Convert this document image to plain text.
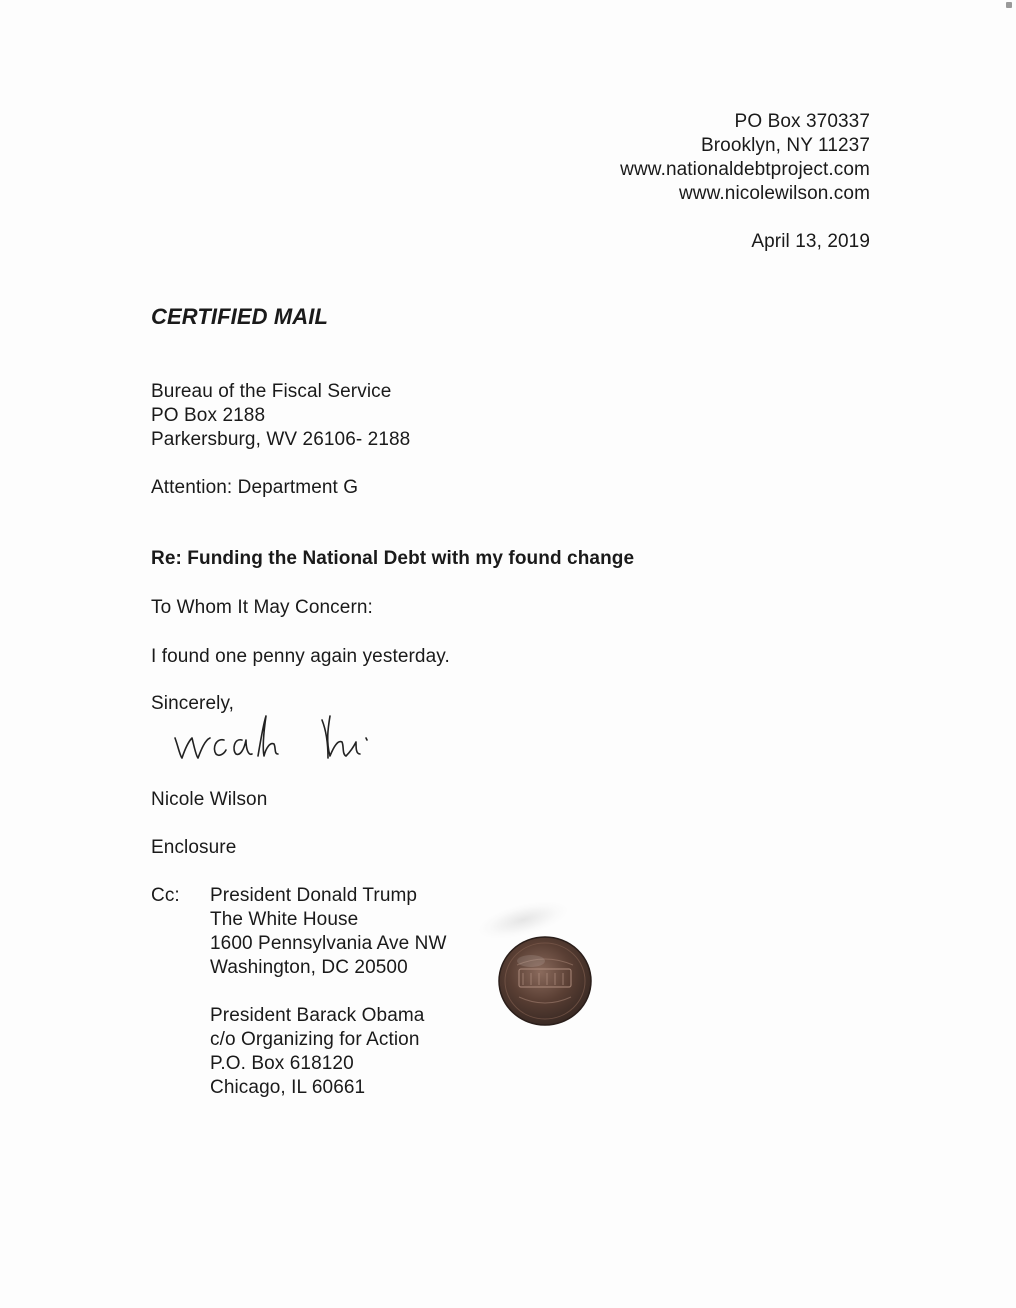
PO Box 370337
Brooklyn, NY 11237
www.nationaldebtproject.com
www.nicolewilson.com
April 13, 2019
CERTIFIED MAIL
Bureau of the Fiscal Service
PO Box 2188
Parkersburg, WV 26106- 2188
Attention: Department G
Re: Funding the National Debt with my found change
To Whom It May Concern:
I found one penny again yesterday.
Sincerely,
Nicole Wilson
Enclosure
Cc: President Donald Trump
The White House
1600 Pennsylvania Ave NW
Washington, DC 20500
President Barack Obama
c/o Organizing for Action
P.O. Box 618120
Chicago, IL 60661
